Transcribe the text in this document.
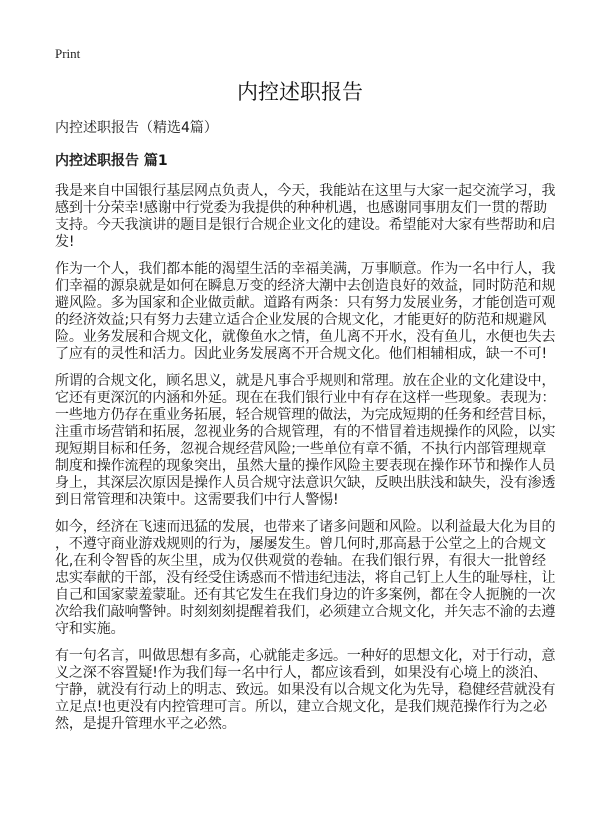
Print
内控述职报告
内控述职报告（精选4篇）
内控述职报告 篇1
我是来自中国银行基层网点负责人，今天，我能站在这里与大家一起交流学习，我
感到十分荣幸!感谢中行党委为我提供的种种机遇，也感谢同事朋友们一贯的帮助
支持。今天我演讲的题目是银行合规企业文化的建设。希望能对大家有些帮助和启
发!
作为一个人，我们都本能的渴望生活的幸福美满，万事顺意。作为一名中行人，我
们幸福的源泉就是如何在瞬息万变的经济大潮中去创造良好的效益，同时防范和规
避风险。多为国家和企业做贡献。道路有两条：只有努力发展业务，才能创造可观
的经济效益;只有努力去建立适合企业发展的合规文化，才能更好的防范和规避风
险。业务发展和合规文化，就像鱼水之情，鱼儿离不开水，没有鱼儿，水便也失去
了应有的灵性和活力。因此业务发展离不开合规文化。他们相辅相成，缺一不可!
所谓的合规文化，顾名思义，就是凡事合乎规则和常理。放在企业的文化建设中，
它还有更深沉的内涵和外延。现在在我们银行业中有存在这样一些现象。表现为：
一些地方仍存在重业务拓展，轻合规管理的做法，为完成短期的任务和经营目标，
注重市场营销和拓展，忽视业务的合规管理，有的不惜冒着违规操作的风险，以实
现短期目标和任务，忽视合规经营风险;一些单位有章不循，不执行内部管理规章
制度和操作流程的现象突出，虽然大量的操作风险主要表现在操作环节和操作人员
身上，其深层次原因是操作人员合规守法意识欠缺，反映出肤浅和缺失，没有渗透
到日常管理和决策中。这需要我们中行人警惕!
如今，经济在飞速而迅猛的发展，也带来了诸多问题和风险。以利益最大化为目的
，不遵守商业游戏规则的行为，屡屡发生。曾几何时,那高悬于公堂之上的合规文
化,在利令智昏的灰尘里，成为仅供观赏的卷轴。在我们银行界，有很大一批曾经
忠实奉献的干部，没有经受住诱惑而不惜违纪违法，将自己钉上人生的耻辱柱，让
自己和国家蒙羞蒙耻。还有其它发生在我们身边的许多案例，都在令人扼腕的一次
次给我们敲响警钟。时刻刻刻提醒着我们，必须建立合规文化，并矢志不渝的去遵
守和实施。
有一句名言，叫做思想有多高，心就能走多远。一种好的思想文化，对于行动，意
义之深不容置疑!作为我们每一名中行人，都应该看到，如果没有心境上的淡泊、
宁静，就没有行动上的明志、致远。如果没有以合规文化为先导，稳健经营就没有
立足点!也更没有内控管理可言。所以，建立合规文化，是我们规范操作行为之必
然，是提升管理水平之必然。
